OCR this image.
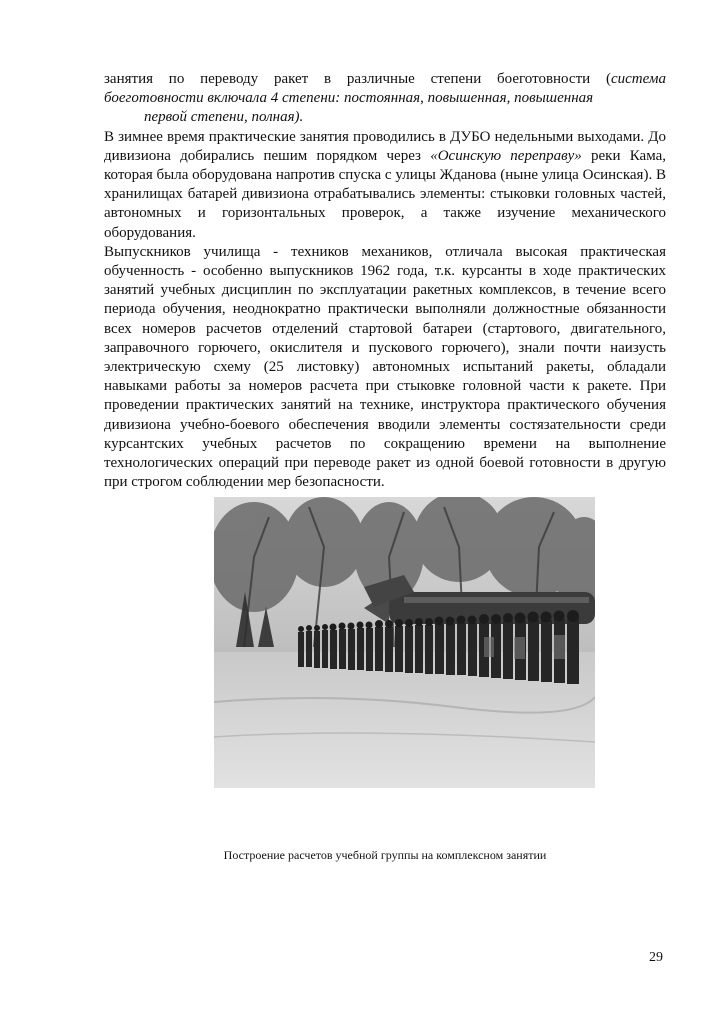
занятия по переводу ракет в различные степени боеготовности (система боеготовности включала 4 степени: постоянная, повышенная, повышенная
первой степени, полная).

В зимнее время практические занятия проводились в ДУБО недельными выходами. До дивизиона добирались пешим порядком через «Осинскую переправу» реки Кама, которая была оборудована напротив спуска с улицы Жданова (ныне улица Осинская). В хранилищах батарей дивизиона отрабатывались элементы: стыковки головных частей, автономных и горизонтальных проверок, а также изучение механического оборудования.

Выпускников училища - техников механиков, отличала высокая практическая обученность - особенно выпускников 1962 года, т.к. курсанты в ходе практических занятий учебных дисциплин по эксплуатации ракетных комплексов, в течение всего периода обучения, неоднократно практически выполняли должностные обязанности всех номеров расчетов отделений стартовой батареи (стартового, двигательного, заправочного горючего, окислителя и пускового горючего), знали почти наизусть электрическую схему (25 листовку) автономных испытаний ракеты, обладали навыками работы за номеров расчета при стыковке головной части к ракете. При проведении практических занятий на технике, инструктора практического обучения дивизиона учебно-боевого обеспечения вводили элементы состязательности среди курсантских учебных расчетов по сокращению времени на выполнение технологических операций при переводе ракет из одной боевой готовности в другую при строгом соблюдении мер безопасности.

Построение расчетов учебной группы на комплексном занятии
29
